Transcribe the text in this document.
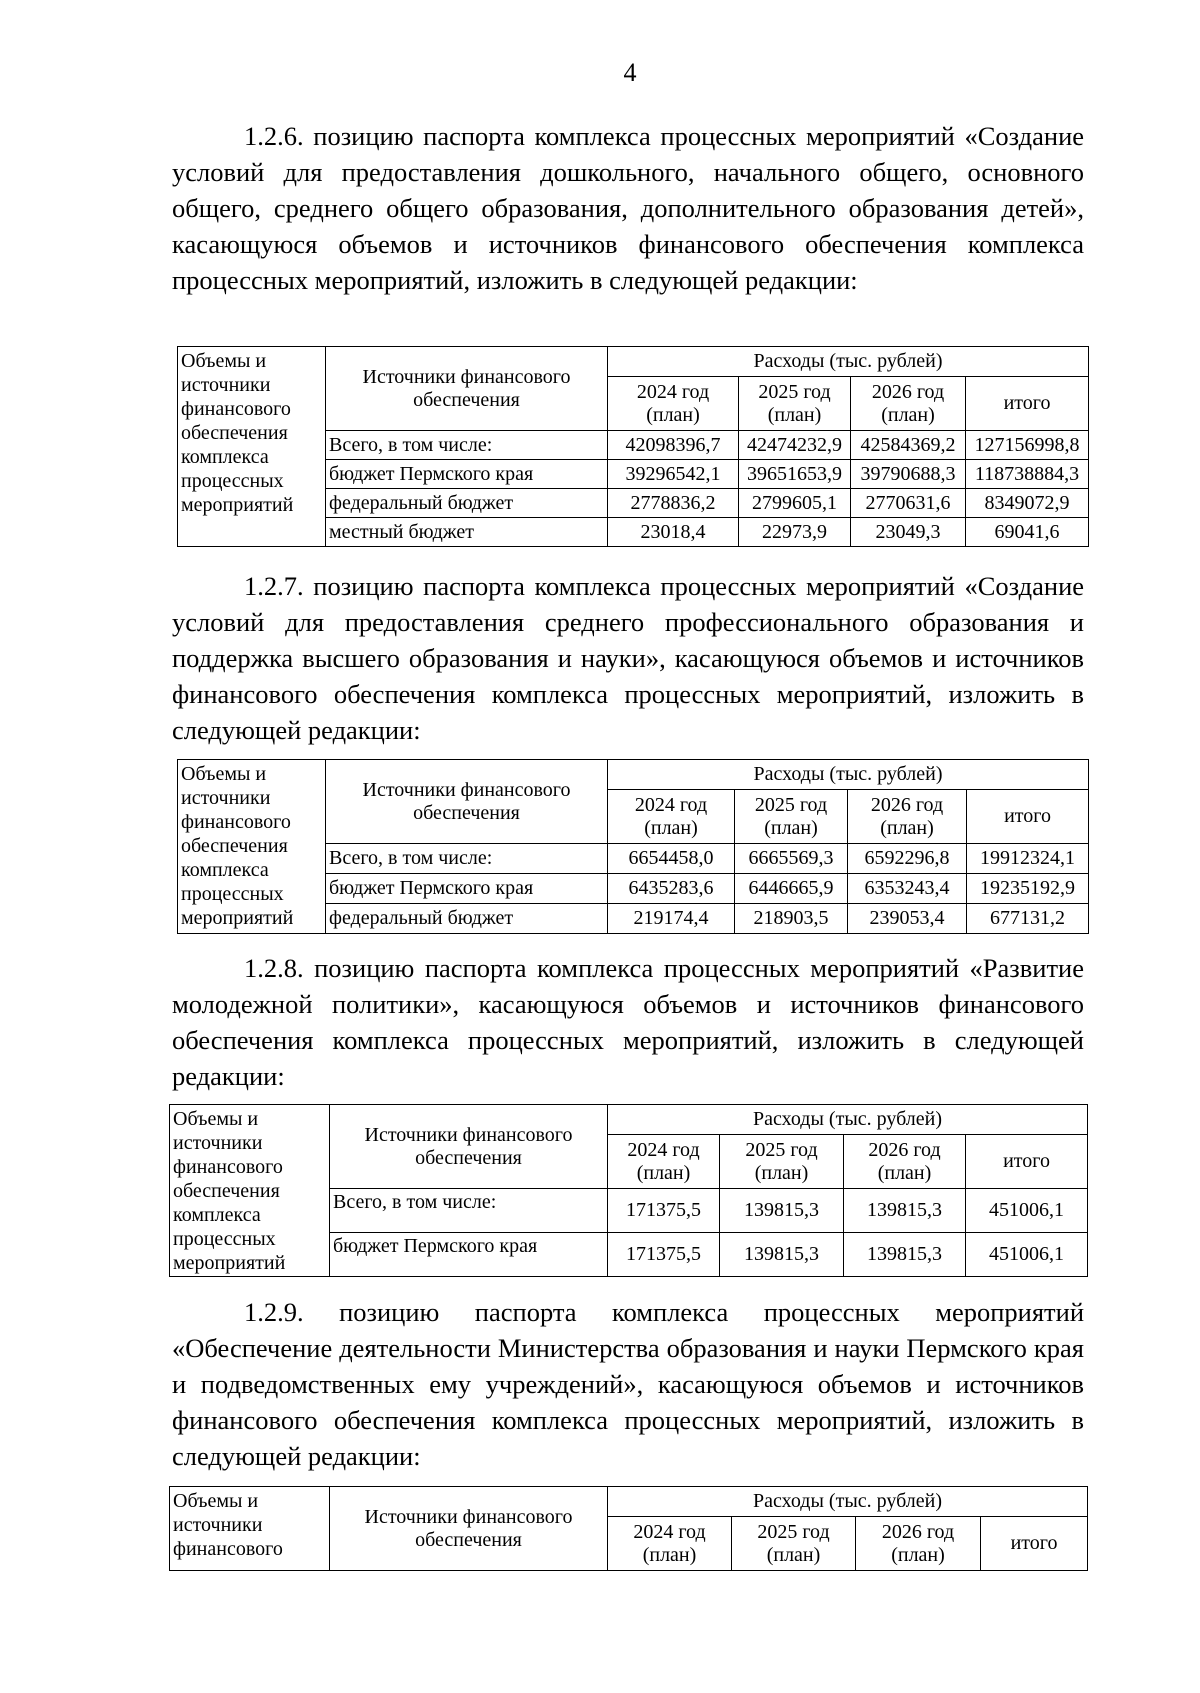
4
1.2.6. позицию паспорта комплекса процессных мероприятий «Создание условий для предоставления дошкольного, начального общего, основного общего, среднего общего образования, дополнительного образования детей», касающуюся объемов и источников финансового обеспечения комплекса процессных мероприятий, изложить в следующей редакции:
Объемы и источники финансового обеспечения комплекса процессных мероприятий	Источники финансового обеспечения	Расходы (тыс. рублей)			
		2024 год (план)	2025 год (план)	2026 год (план)	итого
	Всего, в том числе:	42098396,7	42474232,9	42584369,2	127156998,8
	бюджет Пермского края	39296542,1	39651653,9	39790688,3	118738884,3
	федеральный бюджет	2778836,2	2799605,1	2770631,6	8349072,9
	местный бюджет	23018,4	22973,9	23049,3	69041,6
1.2.7. позицию паспорта комплекса процессных мероприятий «Создание условий для предоставления среднего профессионального образования и поддержка высшего образования и науки», касающуюся объемов и источников финансового обеспечения комплекса процессных мероприятий, изложить в следующей редакции:
Объемы и источники финансового обеспечения комплекса процессных мероприятий	Источники финансового обеспечения	Расходы (тыс. рублей)			
		2024 год (план)	2025 год (план)	2026 год (план)	итого
	Всего, в том числе:	6654458,0	6665569,3	6592296,8	19912324,1
	бюджет Пермского края	6435283,6	6446665,9	6353243,4	19235192,9
	федеральный бюджет	219174,4	218903,5	239053,4	677131,2
1.2.8. позицию паспорта комплекса процессных мероприятий «Развитие молодежной политики», касающуюся объемов и источников финансового обеспечения комплекса процессных мероприятий, изложить в следующей редакции:
Объемы и источники финансового обеспечения комплекса процессных мероприятий	Источники финансового обеспечения	Расходы (тыс. рублей)			
		2024 год (план)	2025 год (план)	2026 год (план)	итого
	Всего, в том числе:	171375,5	139815,3	139815,3	451006,1
	бюджет Пермского края	171375,5	139815,3	139815,3	451006,1
1.2.9. позицию паспорта комплекса процессных мероприятий «Обеспечение деятельности Министерства образования и науки Пермского края и подведомственных ему учреждений», касающуюся объемов и источников финансового обеспечения комплекса процессных мероприятий, изложить в следующей редакции:
Объемы и источники финансового	Источники финансового обеспечения	Расходы (тыс. рублей)			
		2024 год (план)	2025 год (план)	2026 год (план)	итого
